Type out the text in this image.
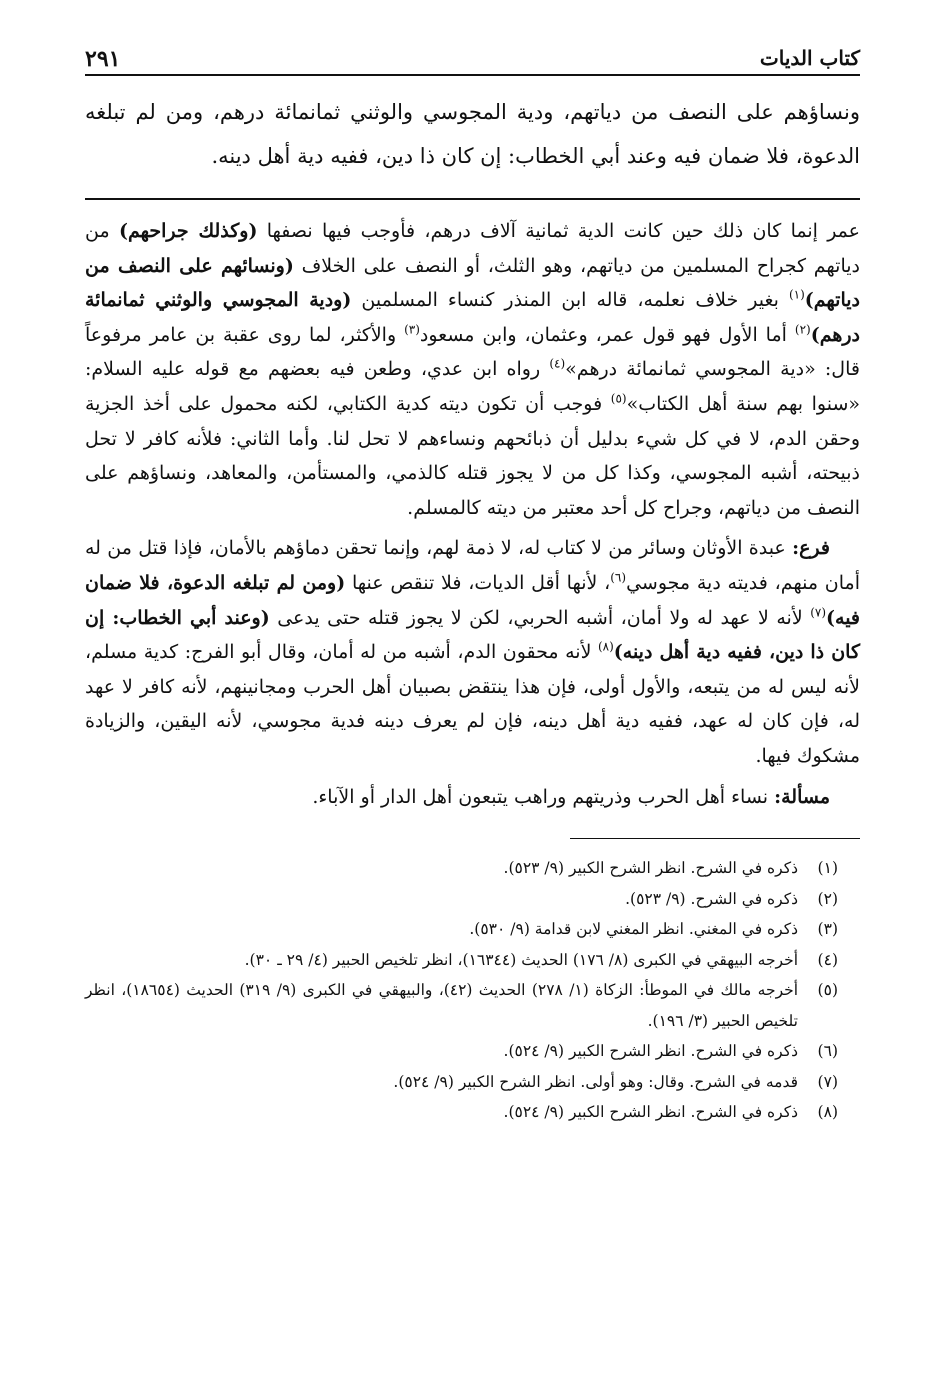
كتاب الديات
٢٩١

ونساؤهم على النصف من دياتهم، ودية المجوسي والوثني ثمانمائة درهم، ومن لم تبلغه الدعوة، فلا ضمان فيه وعند أبي الخطاب: إن كان ذا دين، ففيه دية أهل دينه.

عمر إنما كان ذلك حين كانت الدية ثمانية آلاف درهم، فأوجب فيها نصفها (وكذلك جراحهم) من دياتهم كجراح المسلمين من دياتهم، وهو الثلث، أو النصف على الخلاف (ونسائهم على النصف من دياتهم)$^{(١)}$ بغير خلاف نعلمه، قاله ابن المنذر كنساء المسلمين (ودية المجوسي والوثني ثمانمائة درهم)$^{(٢)}$ أما الأول فهو قول عمر، وعثمان، وابن مسعود$^{(٣)}$ والأكثر، لما روى عقبة بن عامر مرفوعاً قال: «دية المجوسي ثمانمائة درهم»$^{(٤)}$ رواه ابن عدي، وطعن فيه بعضهم مع قوله عليه السلام: «سنوا بهم سنة أهل الكتاب»$^{(٥)}$ فوجب أن تكون ديته كدية الكتابي، لكنه محمول على أخذ الجزية وحقن الدم، لا في كل شيء بدليل أن ذبائحهم ونساءهم لا تحل لنا. وأما الثاني: فلأنه كافر لا تحل ذبيحته، أشبه المجوسي، وكذا كل من لا يجوز قتله كالذمي، والمستأمن، والمعاهد، ونساؤهم على النصف من دياتهم، وجراح كل أحد معتبر من ديته كالمسلم.

فرع: عبدة الأوثان وسائر من لا كتاب له، لا ذمة لهم، وإنما تحقن دماؤهم بالأمان، فإذا قتل من له أمان منهم، فديته دية مجوسي$^{(٦)}$، لأنها أقل الديات، فلا تنقص عنها (ومن لم تبلغه الدعوة، فلا ضمان فيه)$^{(٧)}$ لأنه لا عهد له ولا أمان، أشبه الحربي، لكن لا يجوز قتله حتى يدعى (وعند أبي الخطاب: إن كان ذا دين، ففيه دية أهل دينه)$^{(٨)}$ لأنه محقون الدم، أشبه من له أمان، وقال أبو الفرج: كدية مسلم، لأنه ليس له من يتبعه، والأول أولى، فإن هذا ينتقض بصبيان أهل الحرب ومجانينهم، لأنه كافر لا عهد له، فإن كان له عهد، ففيه دية أهل دينه، فإن لم يعرف دينه فدية مجوسي، لأنه اليقين، والزيادة مشكوك فيها.

مسألة: نساء أهل الحرب وذريتهم وراهب يتبعون أهل الدار أو الآباء.

(١)
ذكره في الشرح. انظر الشرح الكبير (٩/ ٥٢٣).
(٢)
ذكره في الشرح. (٩/ ٥٢٣).
(٣)
ذكره في المغني. انظر المغني لابن قدامة (٩/ ٥٣٠).
(٤)
أخرجه البيهقي في الكبرى (٨/ ١٧٦) الحديث (١٦٣٤٤)، انظر تلخيص الحبير (٤/ ٢٩ ـ ٣٠).
(٥)
أخرجه مالك في الموطأ: الزكاة (١/ ٢٧٨) الحديث (٤٢)، والبيهقي في الكبرى (٩/ ٣١٩) الحديث (١٨٦٥٤)، انظر تلخيص الحبير (٣/ ١٩٦).
(٦)
ذكره في الشرح. انظر الشرح الكبير (٩/ ٥٢٤).
(٧)
قدمه في الشرح. وقال: وهو أولى. انظر الشرح الكبير (٩/ ٥٢٤).
(٨)
ذكره في الشرح. انظر الشرح الكبير (٩/ ٥٢٤).
